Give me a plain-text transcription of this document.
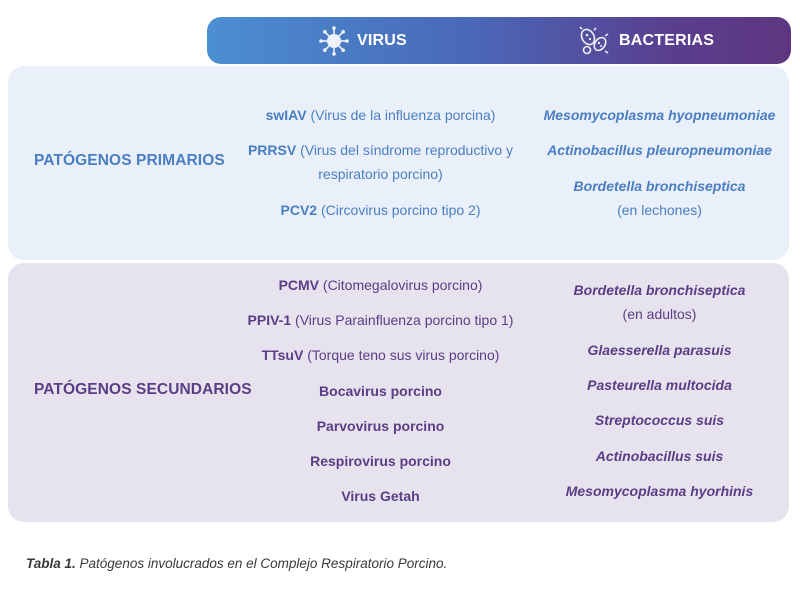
VIRUS	BACTERIAS
PATÓGENOS PRIMARIOS
swIAV (Virus de la influenza porcina)
PRRSV (Virus del síndrome reproductivo y
respiratorio porcino)
PCV2 (Circovirus porcino tipo 2)
Mesomycoplasma hyopneumoniae
Actinobacillus pleuropneumoniae
Bordetella bronchiseptica
(en lechones)
PATÓGENOS SECUNDARIOS
PCMV (Citomegalovirus porcino)
PPIV-1 (Virus Parainfluenza porcino tipo 1)
TTsuV (Torque teno sus virus porcino)
Bocavirus porcino
Parvovirus porcino
Respirovirus porcino
Virus Getah
Bordetella bronchiseptica
(en adultos)
Glaesserella parasuis
Pasteurella multocida
Streptococcus suis
Actinobacillus suis
Mesomycoplasma hyorhinis
Tabla 1. Patógenos involucrados en el Complejo Respiratorio Porcino.
